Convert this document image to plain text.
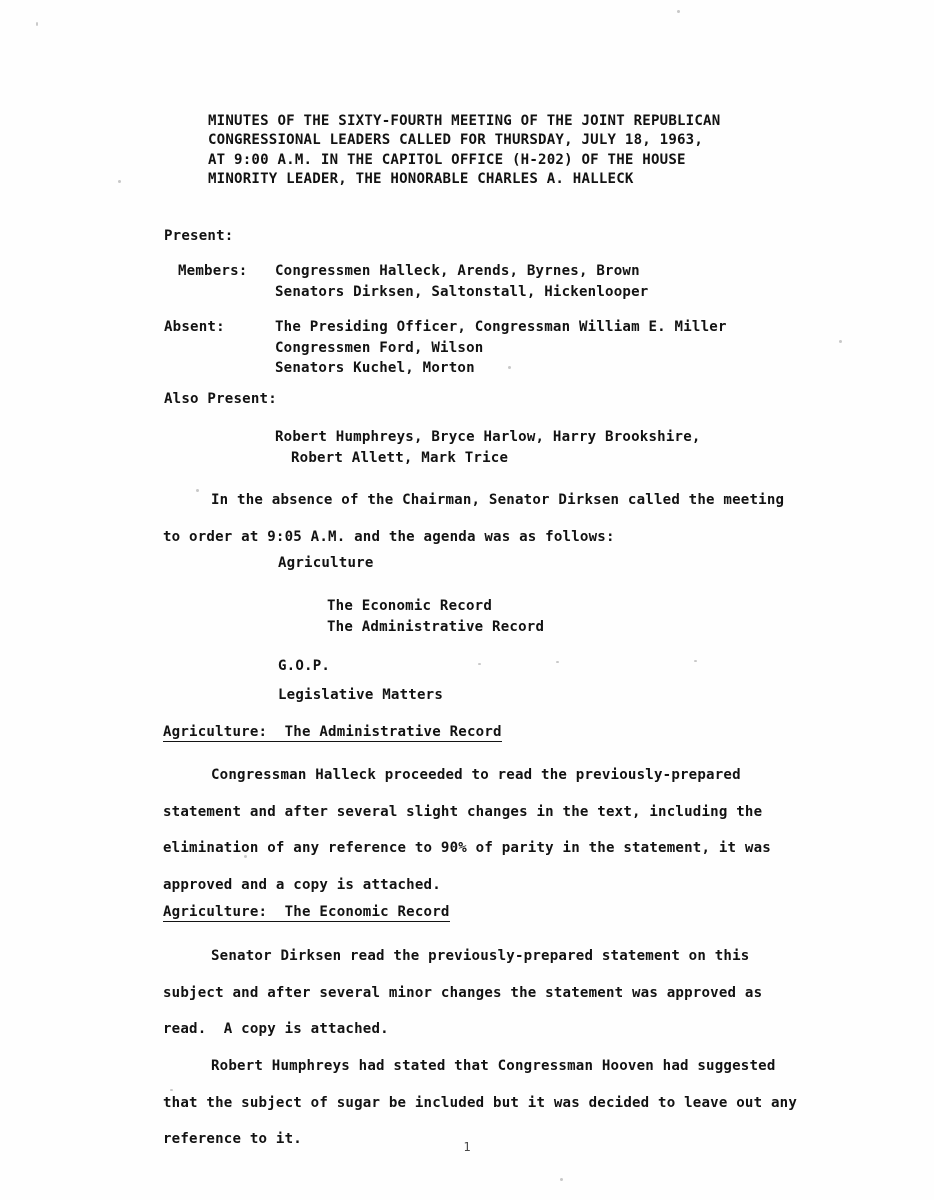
MINUTES OF THE SIXTY-FOURTH MEETING OF THE JOINT REPUBLICAN
CONGRESSIONAL LEADERS CALLED FOR THURSDAY, JULY 18, 1963,
AT 9:00 A.M. IN THE CAPITOL OFFICE (H-202) OF THE HOUSE
MINORITY LEADER, THE HONORABLE CHARLES A. HALLECK
Present:
Members: Congressmen Halleck, Arends, Byrnes, Brown
Senators Dirksen, Saltonstall, Hickenlooper
Absent:	The Presiding Officer, Congressman William E. Miller
Congressmen Ford, Wilson
Senators Kuchel, Morton
Also Present:
Robert Humphreys, Bryce Harlow, Harry Brookshire,
Robert Allett, Mark Trice
In the absence of the Chairman, Senator Dirksen called the meeting
to order at 9:05 A.M. and the agenda was as follows:
Agriculture
The Economic Record
The Administrative Record
G.O.P.
Legislative Matters
Agriculture:  The Administrative Record
Congressman Halleck proceeded to read the previously-prepared
statement and after several slight changes in the text, including the
elimination of any reference to 90% of parity in the statement, it was
approved and a copy is attached.
Agriculture:  The Economic Record
Senator Dirksen read the previously-prepared statement on this
subject and after several minor changes the statement was approved as
read.  A copy is attached.
Robert Humphreys had stated that Congressman Hooven had suggested
that the subject of sugar be included but it was decided to leave out any
reference to it.	1
